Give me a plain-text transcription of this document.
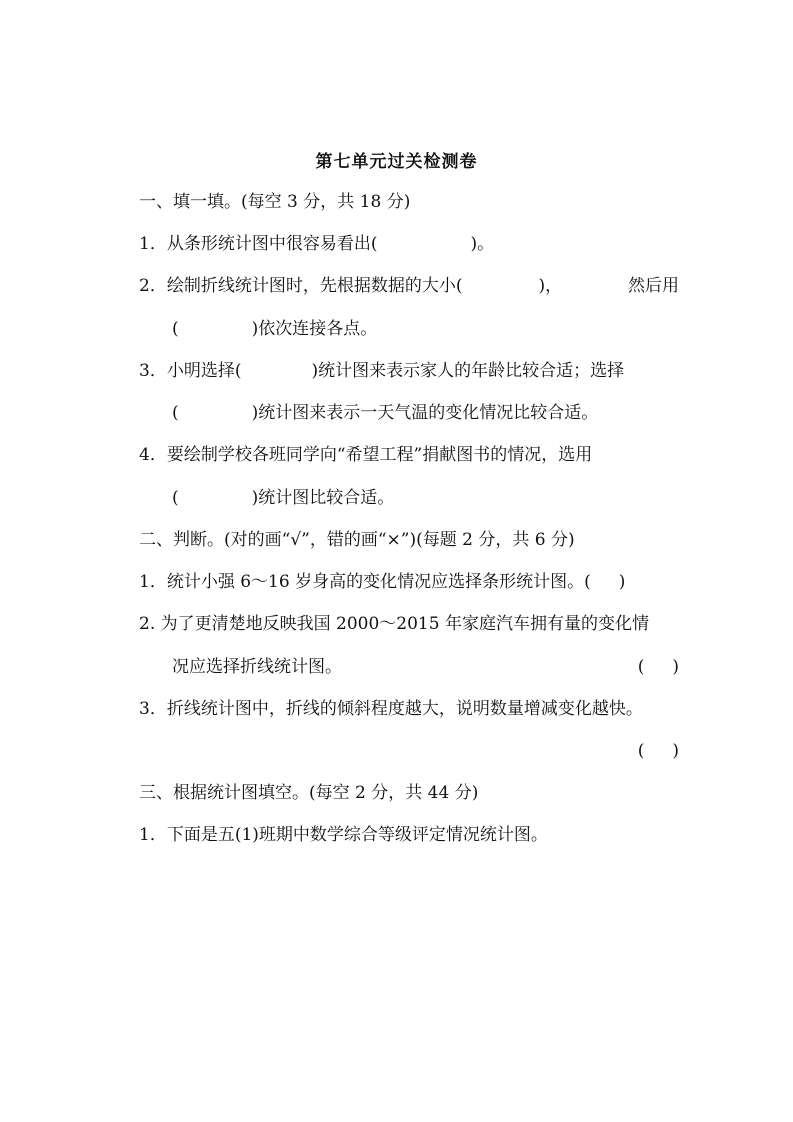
第七单元过关检测卷
一、填一填。(每空 3 分，共 18 分)
1．从条形统计图中很容易看出(	)。
2．绘制折线统计图时，先根据数据的大小(	)，	然后用
(	)依次连接各点。
3．小明选择(	)统计图来表示家人的年龄比较合适；选择
(	)统计图来表示一天气温的变化情况比较合适。
4．要绘制学校各班同学向“希望工程”捐献图书的情况，选用
(	)统计图比较合适。
二、判断。(对的画“√”，错的画“×”)(每题 2 分，共 6 分)
1．统计小强 6～16 岁身高的变化情况应选择条形统计图。( )
2. 为了更清楚地反映我国 2000～2015 年家庭汽车拥有量的变化情
况应选择折线统计图。	( )
3．折线统计图中，折线的倾斜程度越大，说明数量增减变化越快。
( )
三、根据统计图填空。(每空 2 分，共 44 分)
1．下面是五(1)班期中数学综合等级评定情况统计图。
